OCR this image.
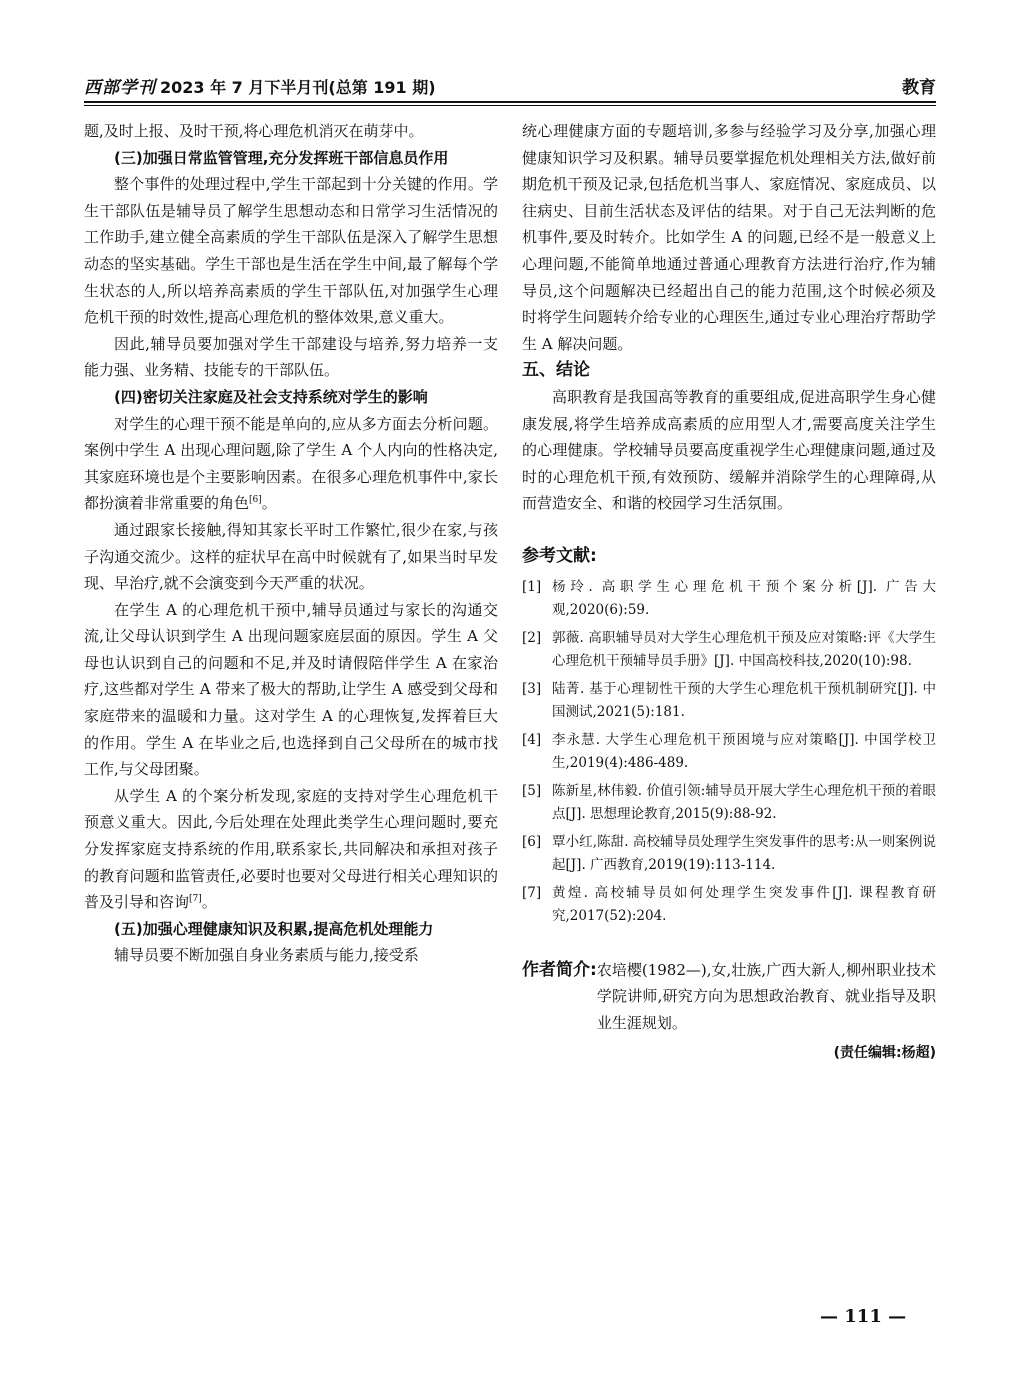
西部学刊 2023 年 7 月下半月刊(总第 191 期)	教育

题,及时上报、及时干预,将心理危机消灭在萌芽中。

(三)加强日常监管管理,充分发挥班干部信息员作用

整个事件的处理过程中,学生干部起到十分关键的作用。学生干部队伍是辅导员了解学生思想动态和日常学习生活情况的工作助手,建立健全高素质的学生干部队伍是深入了解学生思想动态的坚实基础。学生干部也是生活在学生中间,最了解每个学生状态的人,所以培养高素质的学生干部队伍,对加强学生心理危机干预的时效性,提高心理危机的整体效果,意义重大。

因此,辅导员要加强对学生干部建设与培养,努力培养一支能力强、业务精、技能专的干部队伍。

(四)密切关注家庭及社会支持系统对学生的影响

对学生的心理干预不能是单向的,应从多方面去分析问题。案例中学生 A 出现心理问题,除了学生 A 个人内向的性格决定,其家庭环境也是个主要影响因素。在很多心理危机事件中,家长都扮演着非常重要的角色[6]。

通过跟家长接触,得知其家长平时工作繁忙,很少在家,与孩子沟通交流少。这样的症状早在高中时候就有了,如果当时早发现、早治疗,就不会演变到今天严重的状况。

在学生 A 的心理危机干预中,辅导员通过与家长的沟通交流,让父母认识到学生 A 出现问题家庭层面的原因。学生 A 父母也认识到自己的问题和不足,并及时请假陪伴学生 A 在家治疗,这些都对学生 A 带来了极大的帮助,让学生 A 感受到父母和家庭带来的温暖和力量。这对学生 A 的心理恢复,发挥着巨大的作用。学生 A 在毕业之后,也选择到自己父母所在的城市找工作,与父母团聚。

从学生 A 的个案分析发现,家庭的支持对学生心理危机干预意义重大。因此,今后处理在处理此类学生心理问题时,要充分发挥家庭支持系统的作用,联系家长,共同解决和承担对孩子的教育问题和监管责任,必要时也要对父母进行相关心理知识的普及引导和咨询[7]。

(五)加强心理健康知识及积累,提高危机处理能力

辅导员要不断加强自身业务素质与能力,接受系

统心理健康方面的专题培训,多参与经验学习及分享,加强心理健康知识学习及积累。辅导员要掌握危机处理相关方法,做好前期危机干预及记录,包括危机当事人、家庭情况、家庭成员、以往病史、目前生活状态及评估的结果。对于自己无法判断的危机事件,要及时转介。比如学生 A 的问题,已经不是一般意义上心理问题,不能简单地通过普通心理教育方法进行治疗,作为辅导员,这个问题解决已经超出自己的能力范围,这个时候必须及时将学生问题转介给专业的心理医生,通过专业心理治疗帮助学生 A 解决问题。

五、结论

高职教育是我国高等教育的重要组成,促进高职学生身心健康发展,将学生培养成高素质的应用型人才,需要高度关注学生的心理健康。学校辅导员要高度重视学生心理健康问题,通过及时的心理危机干预,有效预防、缓解并消除学生的心理障碍,从而营造安全、和谐的校园学习生活氛围。

参考文献:
[1] 杨玲. 高职学生心理危机干预个案分析[J]. 广告大观,2020(6):59.
[2] 郭薇. 高职辅导员对大学生心理危机干预及应对策略:评《大学生心理危机干预辅导员手册》[J]. 中国高校科技,2020(10):98.
[3] 陆菁. 基于心理韧性干预的大学生心理危机干预机制研究[J]. 中国测试,2021(5):181.
[4] 李永慧. 大学生心理危机干预困境与应对策略[J]. 中国学校卫生,2019(4):486-489.
[5] 陈新星,林伟毅. 价值引领:辅导员开展大学生心理危机干预的着眼点[J]. 思想理论教育,2015(9):88-92.
[6] 覃小红,陈甜. 高校辅导员处理学生突发事件的思考:从一则案例说起[J]. 广西教育,2019(19):113-114.
[7] 黄煌. 高校辅导员如何处理学生突发事件[J]. 课程教育研究,2017(52):204.
作者简介: 农培樱(1982—),女,壮族,广西大新人,柳州职业技术学院讲师,研究方向为思想政治教育、就业指导及职业生涯规划。
(责任编辑:杨超)
— 111 —
